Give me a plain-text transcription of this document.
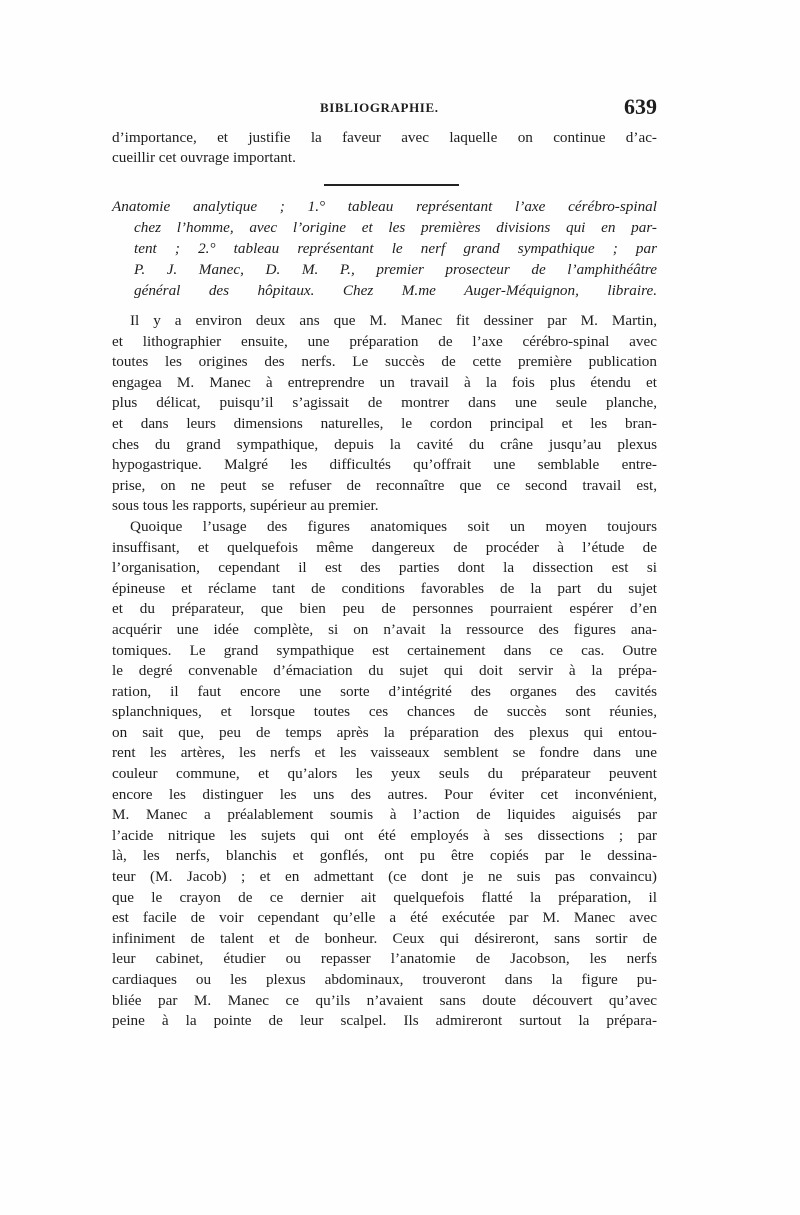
BIBLIOGRAPHIE.	639
d’importance, et justifie la faveur avec laquelle on continue d’ac-
cueillir cet ouvrage important.
Anatomie analytique ; 1.° tableau représentant l’axe cérébro-spinal
chez l’homme, avec l’origine et les premières divisions qui en par-
tent ; 2.° tableau représentant le nerf grand sympathique ; par
P. J. Manec, D. M. P., premier prosecteur de l’amphithéâtre
général des hôpitaux. Chez M.me Auger-Méquignon, libraire.
Il y a environ deux ans que M. Manec fit dessiner par M. Martin,
et lithographier ensuite, une préparation de l’axe cérébro-spinal avec
toutes les origines des nerfs. Le succès de cette première publication
engagea M. Manec à entreprendre un travail à la fois plus étendu et
plus délicat, puisqu’il s’agissait de montrer dans une seule planche,
et dans leurs dimensions naturelles, le cordon principal et les bran-
ches du grand sympathique, depuis la cavité du crâne jusqu’au plexus
hypogastrique. Malgré les difficultés qu’offrait une semblable entre-
prise, on ne peut se refuser de reconnaître que ce second travail est,
sous tous les rapports, supérieur au premier.
Quoique l’usage des figures anatomiques soit un moyen toujours
insuffisant, et quelquefois même dangereux de procéder à l’étude de
l’organisation, cependant il est des parties dont la dissection est si
épineuse et réclame tant de conditions favorables de la part du sujet
et du préparateur, que bien peu de personnes pourraient espérer d’en
acquérir une idée complète, si on n’avait la ressource des figures ana-
tomiques. Le grand sympathique est certainement dans ce cas. Outre
le degré convenable d’émaciation du sujet qui doit servir à la prépa-
ration, il faut encore une sorte d’intégrité des organes des cavités
splanchniques, et lorsque toutes ces chances de succès sont réunies,
on sait que, peu de temps après la préparation des plexus qui entou-
rent les artères, les nerfs et les vaisseaux semblent se fondre dans une
couleur commune, et qu’alors les yeux seuls du préparateur peuvent
encore les distinguer les uns des autres. Pour éviter cet inconvénient,
M. Manec a préalablement soumis à l’action de liquides aiguisés par
l’acide nitrique les sujets qui ont été employés à ses dissections ; par
là, les nerfs, blanchis et gonflés, ont pu être copiés par le dessina-
teur (M. Jacob) ; et en admettant (ce dont je ne suis pas convaincu)
que le crayon de ce dernier ait quelquefois flatté la préparation, il
est facile de voir cependant qu’elle a été exécutée par M. Manec avec
infiniment de talent et de bonheur. Ceux qui désireront, sans sortir de
leur cabinet, étudier ou repasser l’anatomie de Jacobson, les nerfs
cardiaques ou les plexus abdominaux, trouveront dans la figure pu-
bliée par M. Manec ce qu’ils n’avaient sans doute découvert qu’avec
peine à la pointe de leur scalpel. Ils admireront surtout la prépara-
